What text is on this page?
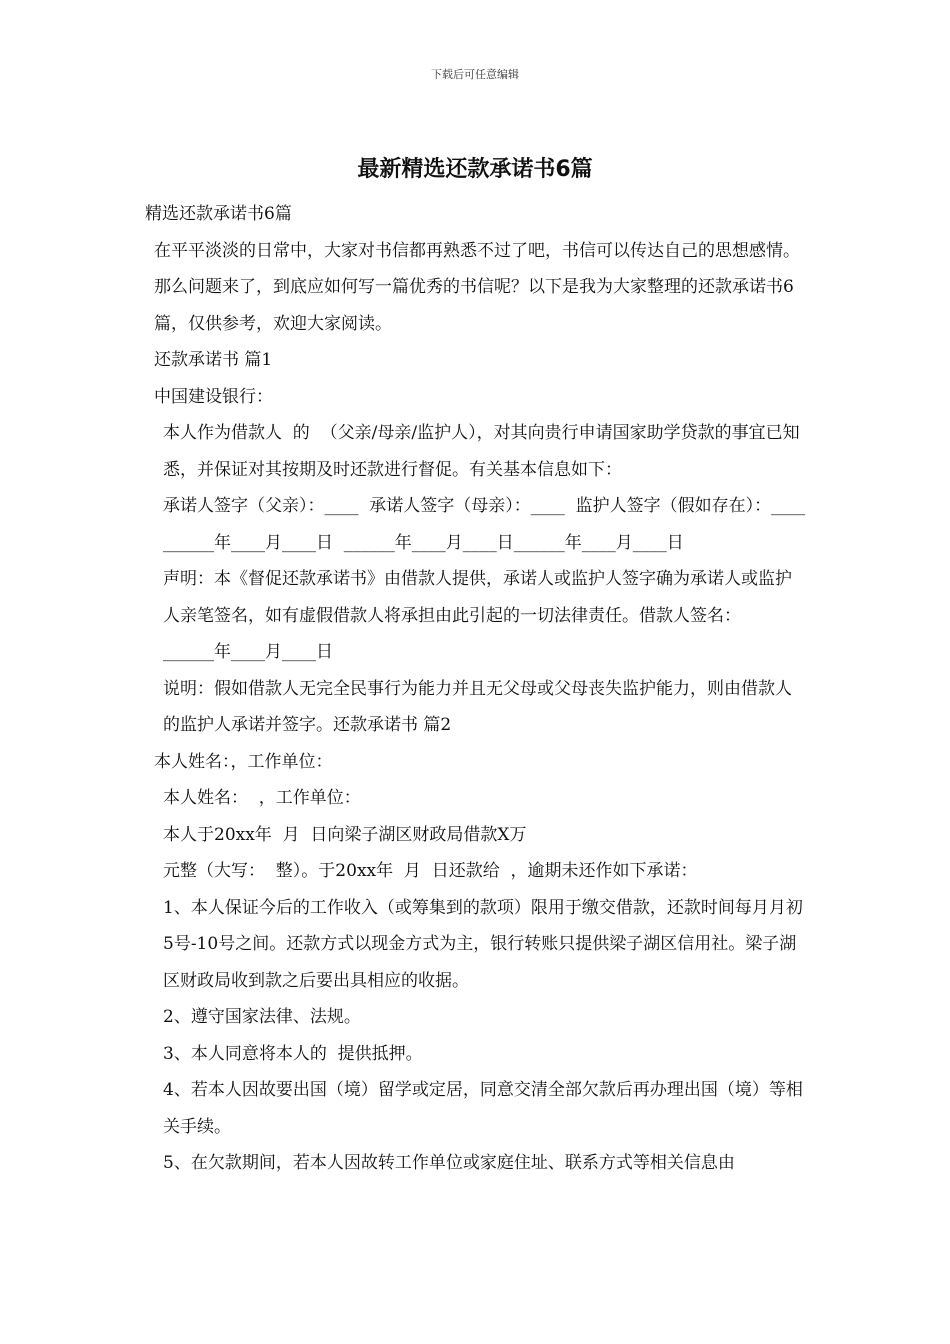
下载后可任意编辑
最新精选还款承诺书6篇

精选还款承诺书6篇

在平平淡淡的日常中，大家对书信都再熟悉不过了吧，书信可以传达自己的思想感情。那么问题来了，到底应如何写一篇优秀的书信呢？以下是我为大家整理的还款承诺书6篇，仅供参考，欢迎大家阅读。

还款承诺书 篇1

中国建设银行：

本人作为借款人  的  （父亲/母亲/监护人），对其向贵行申请国家助学贷款的事宜已知悉，并保证对其按期及时还款进行督促。有关基本信息如下：

承诺人签字（父亲）：____  承诺人签字（母亲）：____  监护人签字（假如存在）：____

______年____月____日  ______年____月____日______年____月____日

声明：本《督促还款承诺书》由借款人提供，承诺人或监护人签字确为承诺人或监护人亲笔签名，如有虚假借款人将承担由此引起的一切法律责任。借款人签名：

______年____月____日

说明：假如借款人无完全民事行为能力并且无父母或父母丧失监护能力，则由借款人的监护人承诺并签字。还款承诺书 篇2

本人姓名：，工作单位：

本人姓名：  ，工作单位：

本人于20xx年  月  日向梁子湖区财政局借款X万

元整（大写：  整）。于20xx年  月  日还款给  ，逾期未还作如下承诺：

1、本人保证今后的工作收入（或筹集到的款项）限用于缴交借款，还款时间每月月初5号-10号之间。还款方式以现金方式为主，银行转账只提供梁子湖区信用社。梁子湖区财政局收到款之后要出具相应的收据。

2、遵守国家法律、法规。

3、本人同意将本人的  提供抵押。

4、若本人因故要出国（境）留学或定居，同意交清全部欠款后再办理出国（境）等相关手续。

5、在欠款期间，若本人因故转工作单位或家庭住址、联系方式等相关信息由
